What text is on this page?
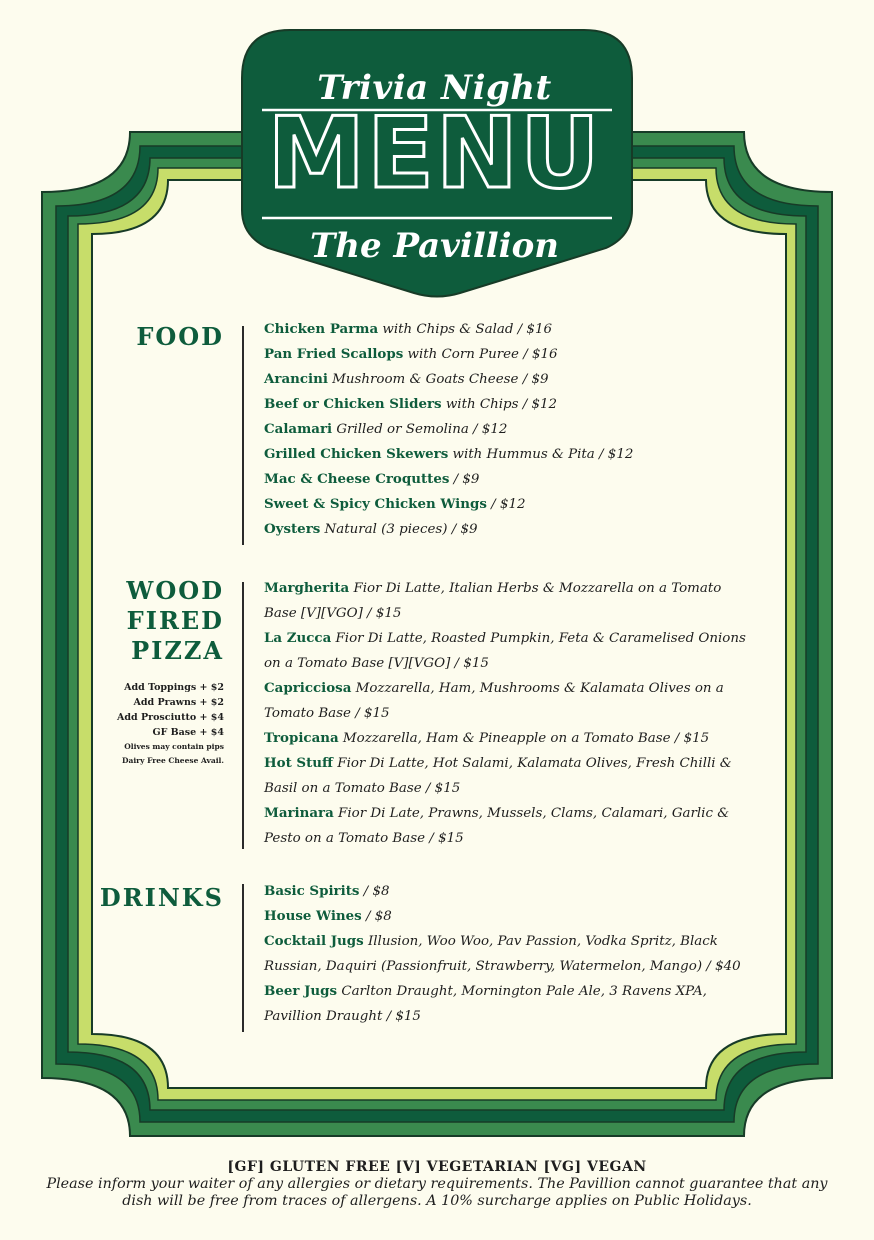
Trivia Night
MENU
The Pavillion
FOOD	Chicken Parma with Chips & Salad / $16
Pan Fried Scallops with Corn Puree / $16
Arancini Mushroom & Goats Cheese / $9
Beef or Chicken Sliders with Chips / $12
Calamari Grilled or Semolina / $12
Grilled Chicken Skewers with Hummus & Pita / $12
Mac & Cheese Croquttes / $9
Sweet & Spicy Chicken Wings / $12
Oysters Natural (3 pieces) / $9
WOOD
FIRED
PIZZA
Add Toppings + $2
Add Prawns + $2
Add Prosciutto + $4
GF Base + $4
Olives may contain pips
Dairy Free Cheese Avail.
Margherita Fior Di Latte, Italian Herbs & Mozzarella on a Tomato Base [V][VGO] / $15
La Zucca Fior Di Latte, Roasted Pumpkin, Feta & Caramelised Onions on a Tomato Base [V][VGO] / $15
Capricciosa Mozzarella, Ham, Mushrooms & Kalamata Olives on a Tomato Base / $15
Tropicana Mozzarella, Ham & Pineapple on a Tomato Base / $15
Hot Stuff Fior Di Latte, Hot Salami, Kalamata Olives, Fresh Chilli & Basil on a Tomato Base / $15
Marinara Fior Di Late, Prawns, Mussels, Clams, Calamari, Garlic & Pesto on a Tomato Base / $15
DRINKS	Basic Spirits / $8
House Wines / $8
Cocktail Jugs Illusion, Woo Woo, Pav Passion, Vodka Spritz, Black Russian, Daquiri (Passionfruit, Strawberry, Watermelon, Mango) / $40
Beer Jugs Carlton Draught, Mornington Pale Ale, 3 Ravens XPA, Pavillion Draught / $15
[GF] GLUTEN FREE [V] VEGETARIAN [VG] VEGAN
Please inform your waiter of any allergies or dietary requirements. The Pavillion cannot guarantee that any dish will be free from traces of allergens. A 10% surcharge applies on Public Holidays.
